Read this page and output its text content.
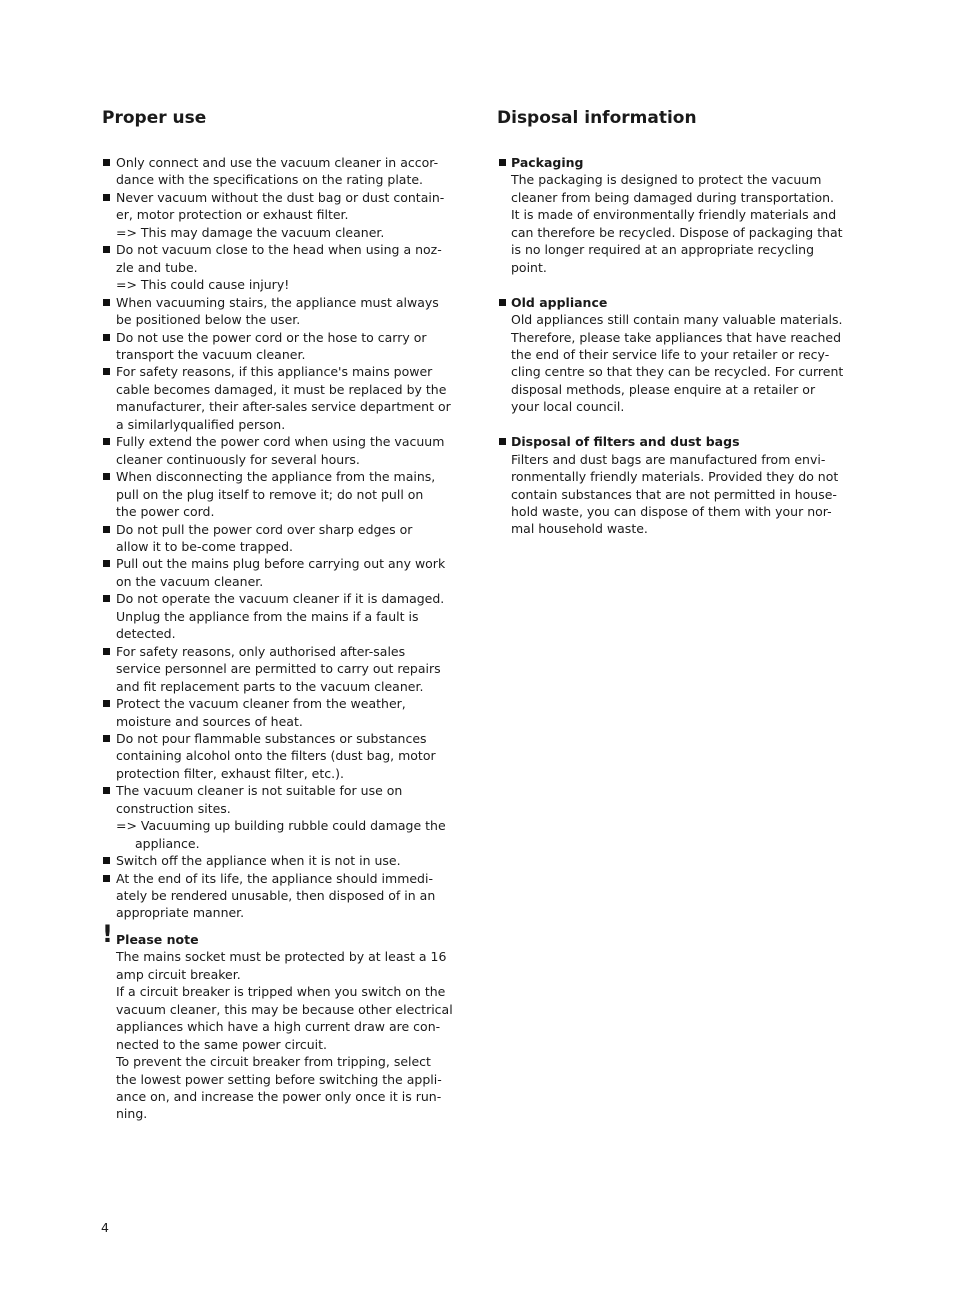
Proper use
Only connect and use the vacuum cleaner in accor-
dance with the specifications on the rating plate.
Never vacuum without the dust bag or dust contain-
er, motor protection or exhaust filter.
=> This may damage the vacuum cleaner.
Do not vacuum close to the head when using a noz-
zle and tube.
=> This could cause injury!
When vacuuming stairs, the appliance must always
be positioned below the user.
Do not use the power cord or the hose to carry or
transport the vacuum cleaner.
For safety reasons, if this appliance's mains power
cable becomes damaged, it must be replaced by the
manufacturer, their after-sales service department or
a similarlyqualified person.
Fully extend the power cord when using the vacuum
cleaner continuously for several hours.
When disconnecting the appliance from the mains,
pull on the plug itself to remove it; do not pull on
the power cord.
Do not pull the power cord over sharp edges or
allow it to be-come trapped.
Pull out the mains plug before carrying out any work
on the vacuum cleaner.
Do not operate the vacuum cleaner if it is damaged.
Unplug the appliance from the mains if a fault is
detected.
For safety reasons, only authorised after-sales
service personnel are permitted to carry out repairs
and fit replacement parts to the vacuum cleaner.
Protect the vacuum cleaner from the weather,
moisture and sources of heat.
Do not pour flammable substances or substances
containing alcohol onto the filters (dust bag, motor
protection filter, exhaust filter, etc.).
The vacuum cleaner is not suitable for use on
construction sites.
=> Vacuuming up building rubble could damage the
appliance.
Switch off the appliance when it is not in use.
At the end of its life, the appliance should immedi-
ately be rendered unusable, then disposed of in an
appropriate manner.
! Please note
The mains socket must be protected by at least a 16
amp circuit breaker.
If a circuit breaker is tripped when you switch on the
vacuum cleaner, this may be because other electrical
appliances which have a high current draw are con-
nected to the same power circuit.
To prevent the circuit breaker from tripping, select
the lowest power setting before switching the appli-
ance on, and increase the power only once it is run-
ning.
Disposal information
Packaging
The packaging is designed to protect the vacuum
cleaner from being damaged during transportation.
It is made of environmentally friendly materials and
can therefore be recycled. Dispose of packaging that
is no longer required at an appropriate recycling
point.
Old appliance
Old appliances still contain many valuable materials.
Therefore, please take appliances that have reached
the end of their service life to your retailer or recy-
cling centre so that they can be recycled. For current
disposal methods, please enquire at a retailer or
your local council.
Disposal of filters and dust bags
Filters and dust bags are manufactured from envi-
ronmentally friendly materials. Provided they do not
contain substances that are not permitted in house-
hold waste, you can dispose of them with your nor-
mal household waste.
4
